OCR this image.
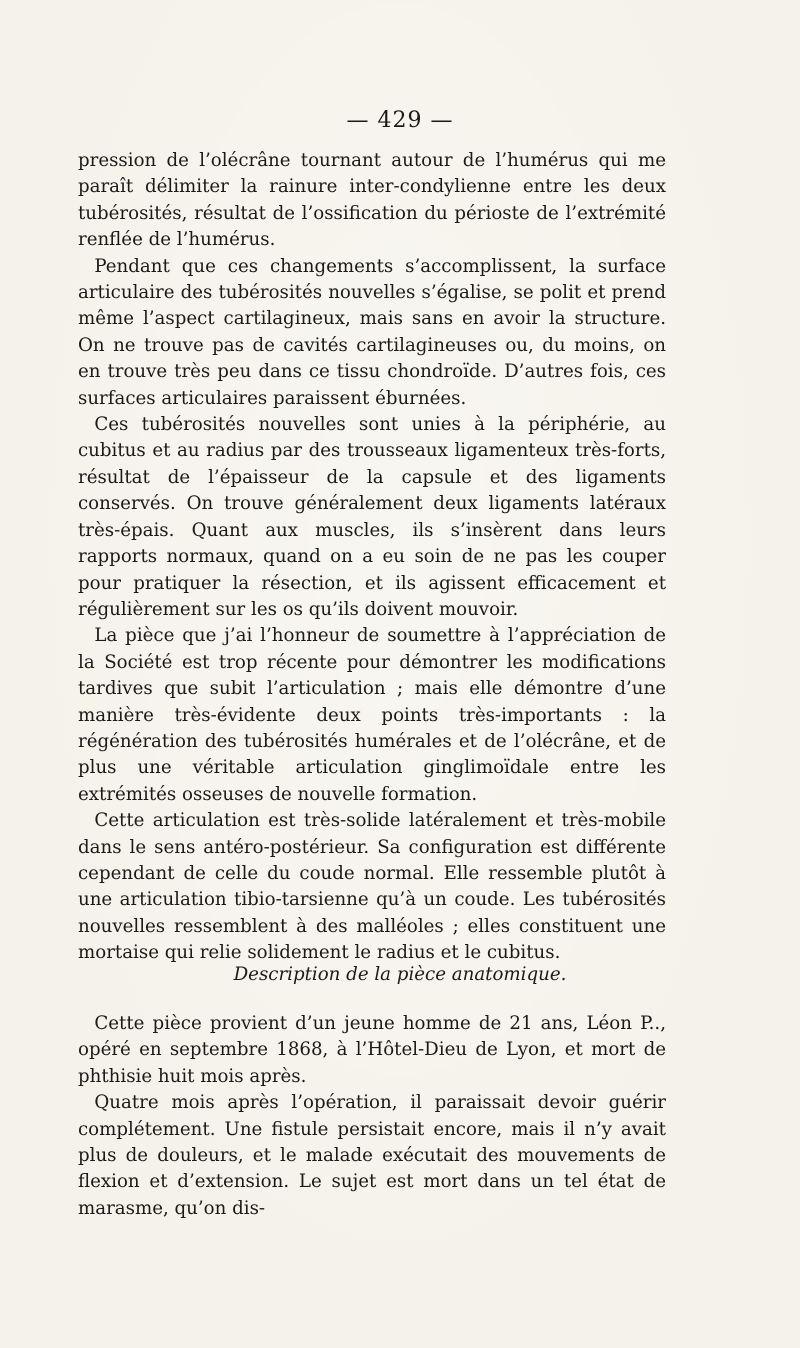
— 429 —

pression de l’olécrâne tournant autour de l’humérus qui me paraît délimiter la rainure inter-condylienne entre les deux tubérosités, résultat de l’ossification du périoste de l’extrémité renflée de l’humérus.

Pendant que ces changements s’accomplissent, la surface articulaire des tubérosités nouvelles s’égalise, se polit et prend même l’aspect cartilagineux, mais sans en avoir la structure. On ne trouve pas de cavités cartilagineuses ou, du moins, on en trouve très peu dans ce tissu chondroïde. D’autres fois, ces surfaces articulaires paraissent éburnées.

Ces tubérosités nouvelles sont unies à la périphérie, au cubitus et au radius par des trousseaux ligamenteux très-forts, résultat de l’épaisseur de la capsule et des ligaments conservés. On trouve généralement deux ligaments latéraux très-épais. Quant aux muscles, ils s’insèrent dans leurs rapports normaux, quand on a eu soin de ne pas les couper pour pratiquer la résection, et ils agissent efficacement et régulièrement sur les os qu’ils doivent mouvoir.

La pièce que j’ai l’honneur de soumettre à l’appréciation de la Société est trop récente pour démontrer les modifications tardives que subit l’articulation ; mais elle démontre d’une manière très-évidente deux points très-importants : la régénération des tubérosités humérales et de l’olécrâne, et de plus une véritable articulation ginglimoïdale entre les extrémités osseuses de nouvelle formation.

Cette articulation est très-solide latéralement et très-mobile dans le sens antéro-postérieur. Sa configuration est différente cependant de celle du coude normal. Elle ressemble plutôt à une articulation tibio-tarsienne qu’à un coude. Les tubérosités nouvelles ressemblent à des malléoles ; elles constituent une mortaise qui relie solidement le radius et le cubitus.

Description de la pièce anatomique.

Cette pièce provient d’un jeune homme de 21 ans, Léon P.., opéré en septembre 1868, à l’Hôtel-Dieu de Lyon, et mort de phthisie huit mois après.

Quatre mois après l’opération, il paraissait devoir guérir complétement. Une fistule persistait encore, mais il n’y avait plus de douleurs, et le malade exécutait des mouvements de flexion et d’extension. Le sujet est mort dans un tel état de marasme, qu’on dis-
